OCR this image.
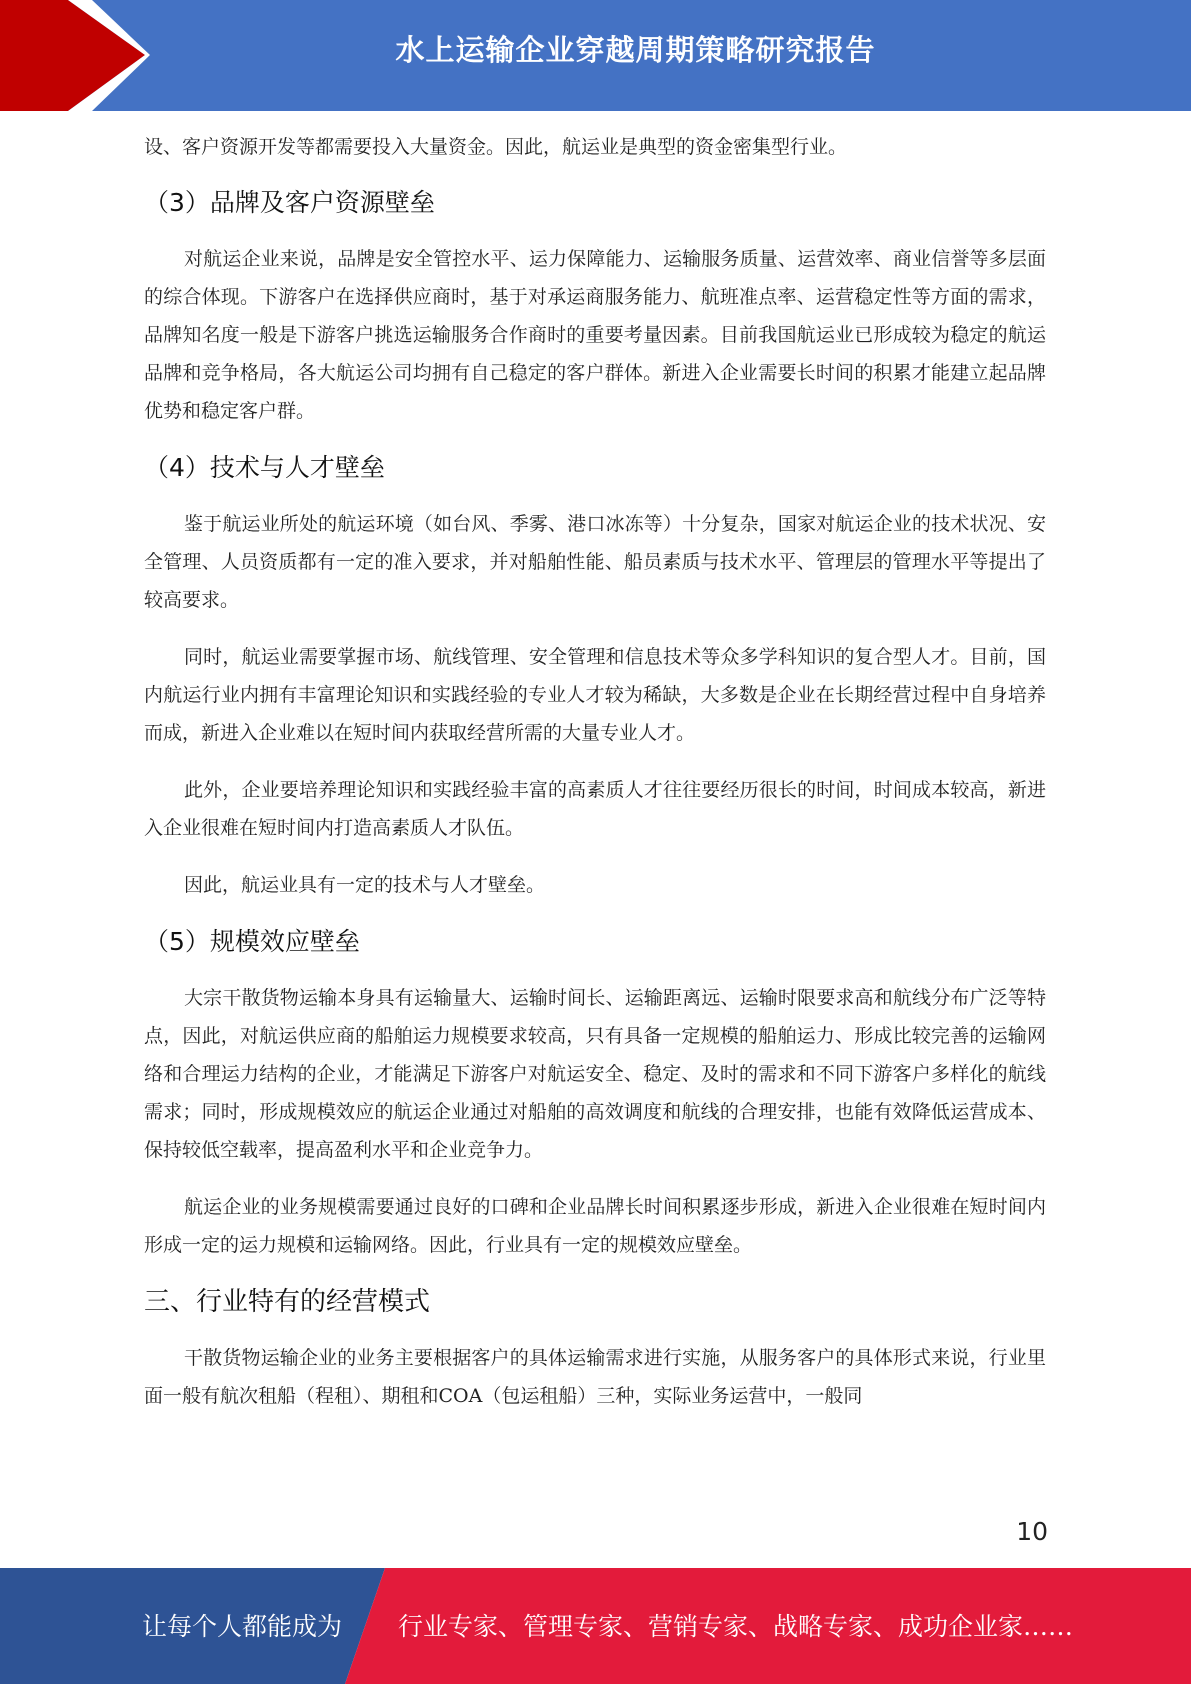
水上运输企业穿越周期策略研究报告

设、客户资源开发等都需要投入大量资金。因此，航运业是典型的资金密集型行业。

（3）品牌及客户资源壁垒

对航运企业来说，品牌是安全管控水平、运力保障能力、运输服务质量、运营效率、商业信誉等多层面的综合体现。下游客户在选择供应商时，基于对承运商服务能力、航班准点率、运营稳定性等方面的需求，品牌知名度一般是下游客户挑选运输服务合作商时的重要考量因素。目前我国航运业已形成较为稳定的航运品牌和竞争格局，各大航运公司均拥有自己稳定的客户群体。新进入企业需要长时间的积累才能建立起品牌优势和稳定客户群。

（4）技术与人才壁垒

鉴于航运业所处的航运环境（如台风、季雾、港口冰冻等）十分复杂，国家对航运企业的技术状况、安全管理、人员资质都有一定的准入要求，并对船舶性能、船员素质与技术水平、管理层的管理水平等提出了较高要求。

同时，航运业需要掌握市场、航线管理、安全管理和信息技术等众多学科知识的复合型人才。目前，国内航运行业内拥有丰富理论知识和实践经验的专业人才较为稀缺，大多数是企业在长期经营过程中自身培养而成，新进入企业难以在短时间内获取经营所需的大量专业人才。

此外，企业要培养理论知识和实践经验丰富的高素质人才往往要经历很长的时间，时间成本较高，新进入企业很难在短时间内打造高素质人才队伍。

因此，航运业具有一定的技术与人才壁垒。

（5）规模效应壁垒

大宗干散货物运输本身具有运输量大、运输时间长、运输距离远、运输时限要求高和航线分布广泛等特点，因此，对航运供应商的船舶运力规模要求较高，只有具备一定规模的船舶运力、形成比较完善的运输网络和合理运力结构的企业，才能满足下游客户对航运安全、稳定、及时的需求和不同下游客户多样化的航线需求；同时，形成规模效应的航运企业通过对船舶的高效调度和航线的合理安排，也能有效降低运营成本、保持较低空载率，提高盈利水平和企业竞争力。

航运企业的业务规模需要通过良好的口碑和企业品牌长时间积累逐步形成，新进入企业很难在短时间内形成一定的运力规模和运输网络。因此，行业具有一定的规模效应壁垒。

三、行业特有的经营模式

干散货物运输企业的业务主要根据客户的具体运输需求进行实施，从服务客户的具体形式来说，行业里面一般有航次租船（程租）、期租和COA（包运租船）三种，实际业务运营中，一般同

10
让每个人都能成为 行业专家、管理专家、营销专家、战略专家、成功企业家……
